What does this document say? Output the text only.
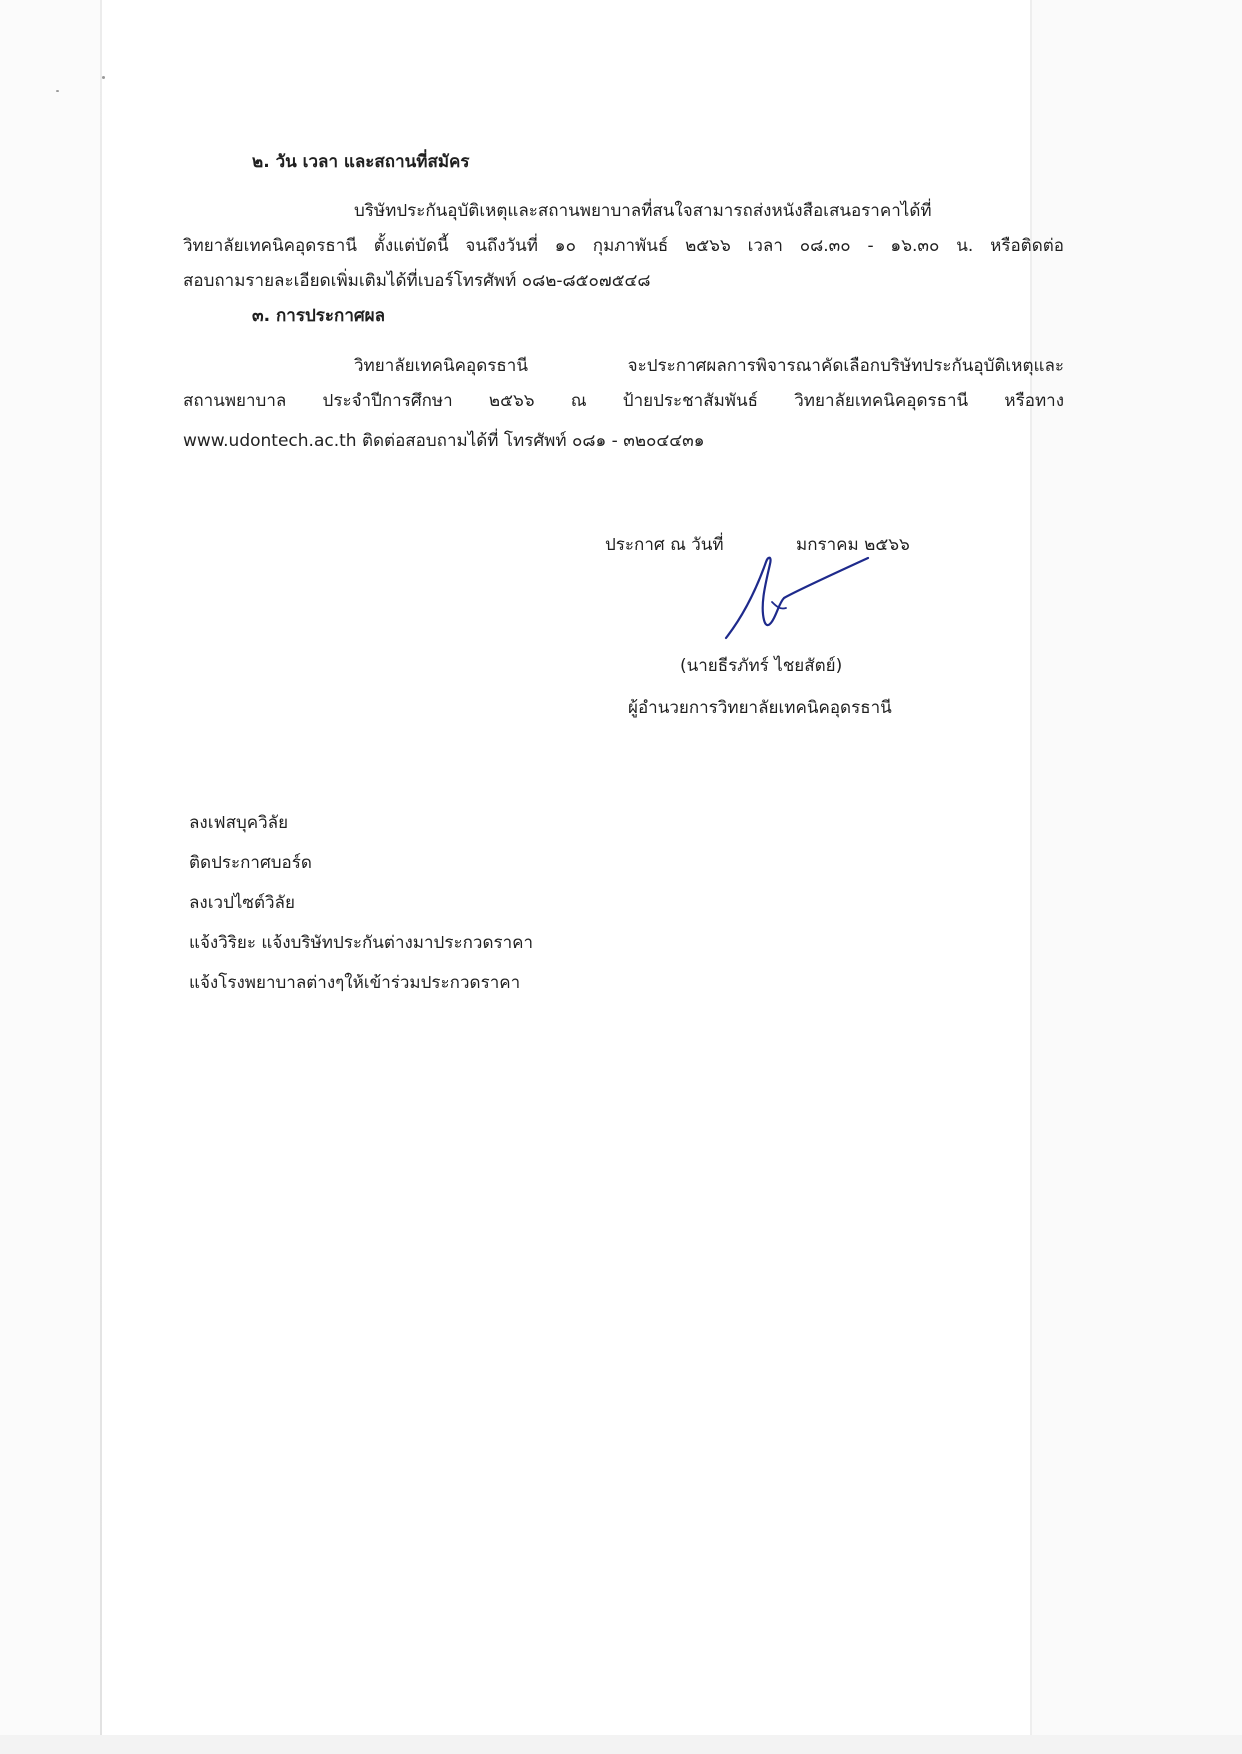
๒. วัน เวลา และสถานที่สมัคร

บริษัทประกันอุบัติเหตุและสถานพยาบาลที่สนใจสามารถส่งหนังสือเสนอราคาได้ที่

วิทยาลัยเทคนิคอุดรธานี ตั้งแต่บัดนี้ จนถึงวันที่ ๑๐ กุมภาพันธ์ ๒๕๖๖ เวลา ๐๘.๓๐ - ๑๖.๓๐ น. หรือติดต่อ

สอบถามรายละเอียดเพิ่มเติมได้ที่เบอร์โทรศัพท์ ๐๘๒-๘๕๐๗๕๔๘

๓. การประกาศผล

วิทยาลัยเทคนิคอุดรธานี จะประกาศผลการพิจารณาคัดเลือกบริษัทประกันอุบัติเหตุและ

สถานพยาบาล ประจำปีการศึกษา ๒๕๖๖ ณ ป้ายประชาสัมพันธ์ วิทยาลัยเทคนิคอุดรธานี หรือทาง

www.udontech.ac.th ติดต่อสอบถามได้ที่ โทรศัพท์ ๐๘๑ - ๓๒๐๔๔๓๑

ประกาศ ณ วันที่	มกราคม ๒๕๖๖

(นายธีรภัทร์ ไชยสัตย์)

ผู้อำนวยการวิทยาลัยเทคนิคอุดรธานี

ลงเฟสบุควิลัย

ติดประกาศบอร์ด

ลงเวปไซต์วิลัย

แจ้งวิริยะ แจ้งบริษัทประกันต่างมาประกวดราคา

แจ้งโรงพยาบาลต่างๆให้เข้าร่วมประกวดราคา
